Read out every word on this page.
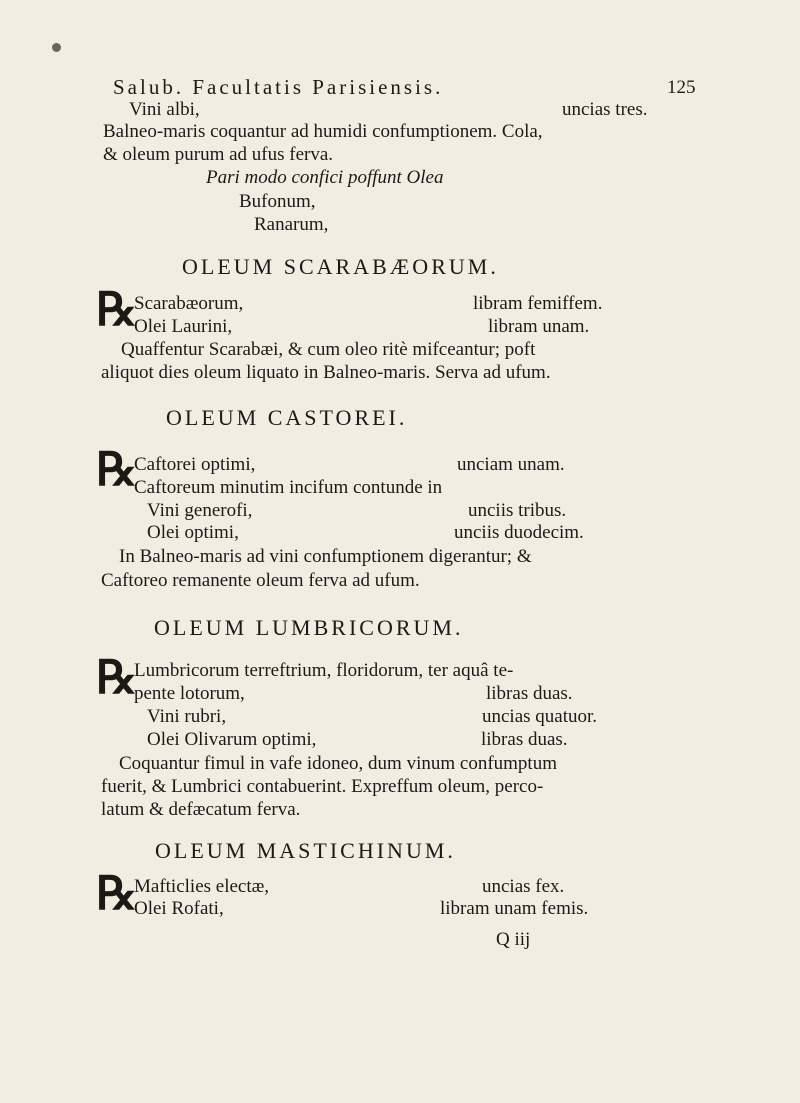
Salub. Facultatis Parisiensis.	125
Vini albi,	uncias tres.
Balneo-maris coquantur ad humidi confumptionem. Cola,
& oleum purum ad ufus ferva.
Pari modo confici poffunt Olea
Bufonum,
Ranarum,
OLEUM SCARABÆORUM.
℞
Scarabæorum,	libram femiffem.
Olei Laurini,	libram unam.
Quaffentur Scarabæi, & cum oleo ritè mifceantur; poft
aliquot dies oleum liquato in Balneo-maris. Serva ad ufum.
OLEUM CASTOREI.
℞
Caftorei optimi,	unciam unam.
Caftoreum minutim incifum contunde in
Vini generofi,	unciis tribus.
Olei optimi,	unciis duodecim.
In Balneo-maris ad vini confumptionem digerantur; &
Caftoreo remanente oleum ferva ad ufum.
OLEUM LUMBRICORUM.
℞
Lumbricorum terreftrium, floridorum, ter aquâ te-
pente lotorum,	libras duas.
Vini rubri,	uncias quatuor.
Olei Olivarum optimi,	libras duas.
Coquantur fimul in vafe idoneo, dum vinum confumptum
fuerit, & Lumbrici contabuerint. Expreffum oleum, perco-
latum & defæcatum ferva.
OLEUM MASTICHINUM.
℞
Mafticlies electæ,	uncias fex.
Olei Rofati,	libram unam femis.
Q iij
